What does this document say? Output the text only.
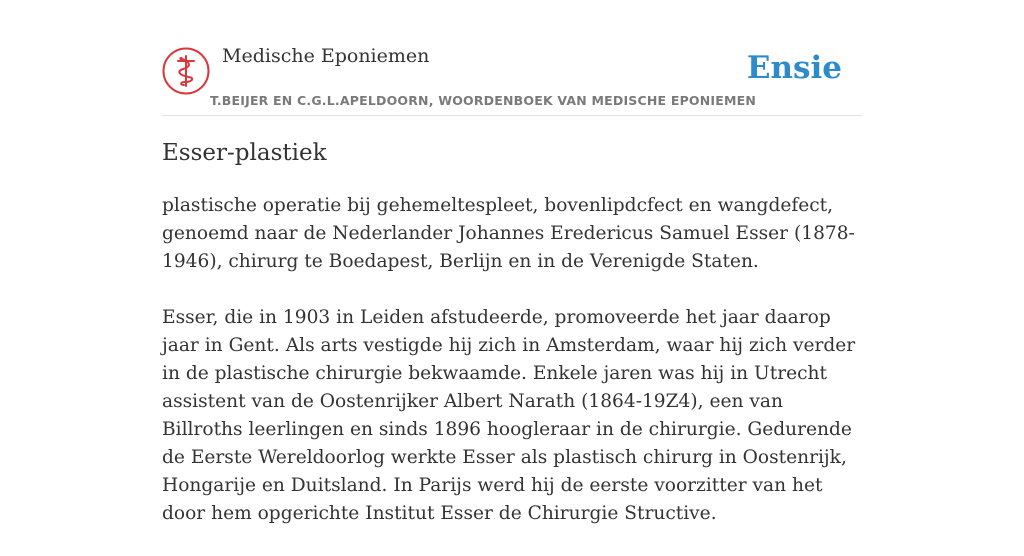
Medische Eponiemen
T.BEIJER EN C.G.L.APELDOORN, WOORDENBOEK VAN MEDISCHE EPONIEMEN
Ensie
Esser-plastiek

plastische operatie bij gehemeltespleet, bovenlipdcfect en wangdefect, genoemd naar de Nederlander Johannes Eredericus Samuel Esser (1878-1946), chirurg te Boedapest, Berlijn en in de Verenigde Staten.

Esser, die in 1903 in Leiden afstudeerde, promoveerde het jaar daarop jaar in Gent. Als arts vestigde hij zich in Amsterdam, waar hij zich verder in de plastische chirurgie bekwaamde. Enkele jaren was hij in Utrecht assistent van de Oostenrijker Albert Narath (1864-19Z4), een van Billroths leerlingen en sinds 1896 hoogleraar in de chirurgie. Gedurende de Eerste Wereldoorlog werkte Esser als plastisch chirurg in Oostenrijk, Hongarije en Duitsland. In Parijs werd hij de eerste voorzitter van het door hem opgerichte Institut Esser de Chirurgie Structive.
